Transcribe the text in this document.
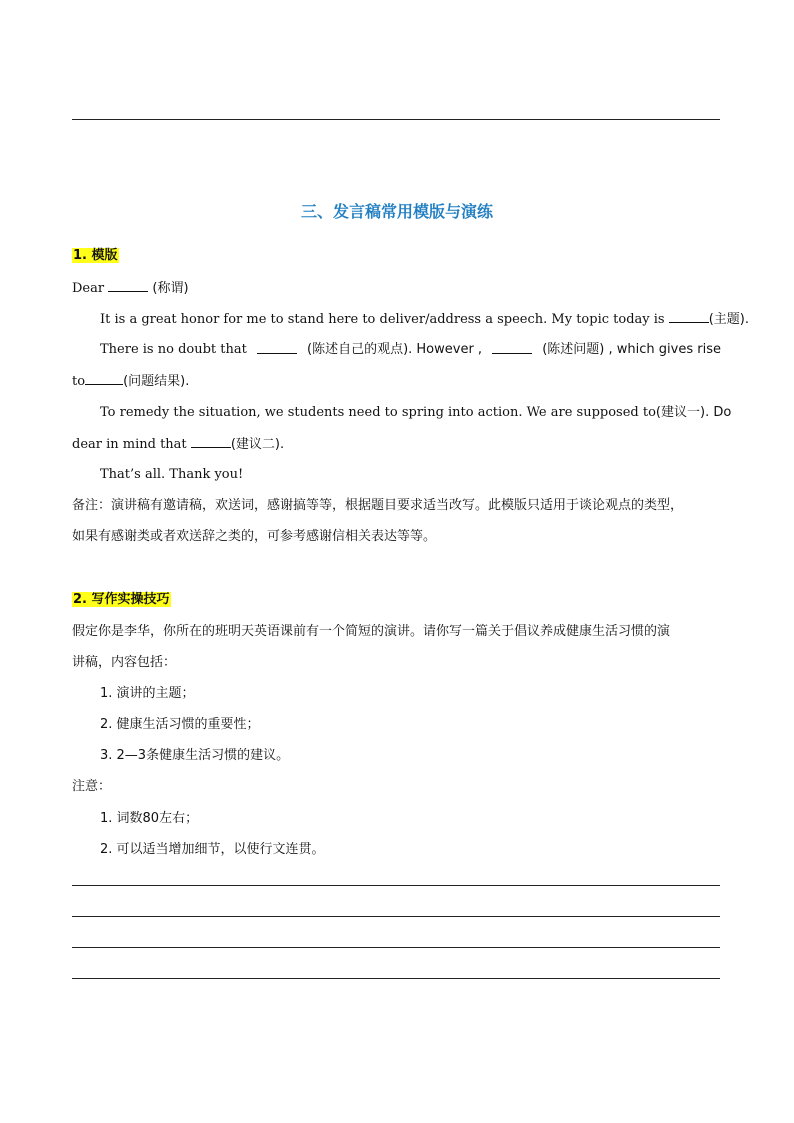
三、发言稿常用模版与演练
1. 模版
Dear	(称谓)
It is a great honor for me to stand here to deliver/address a speech. My topic today is	(主题).
There is no doubt that	(陈述自己的观点). However ,	(陈述问题) , which gives rise
to	(问题结果).
To remedy the situation, we students need to spring into action. We are supposed to (建议一). Do
dear in mind that	(建议二).
That’s all. Thank you!
备注：演讲稿有邀请稿，欢送词，感谢搞等等，根据题目要求适当改写。此模版只适用于谈论观点的类型，
如果有感谢类或者欢送辞之类的，可参考感谢信相关表达等等。
2. 写作实操技巧
假定你是李华，你所在的班明天英语课前有一个简短的演讲。请你写一篇关于倡议养成健康生活习惯的演
讲稿，内容包括：
1. 演讲的主题；
2. 健康生活习惯的重要性；
3. 2—3条健康生活习惯的建议。
注意：
1. 词数80左右；
2. 可以适当增加细节，以使行文连贯。
